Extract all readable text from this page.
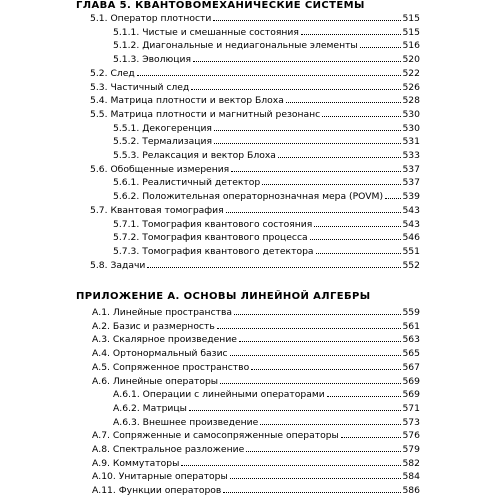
ГЛАВА 5. КВАНТОВОМЕХАНИЧЕСКИЕ СИСТЕМЫ
5.1. Оператор плотности	515
5.1.1. Чистые и смешанные состояния	515
5.1.2. Диагональные и недиагональные элементы	516
5.1.3. Эволюция	520
5.2. След	522
5.3. Частичный след	526
5.4. Матрица плотности и вектор Блоха	528
5.5. Матрица плотности и магнитный резонанс	530
5.5.1. Декогеренция	530
5.5.2. Термализация	531
5.5.3. Релаксация и вектор Блоха	533
5.6. Обобщенные измерения	537
5.6.1. Реалистичный детектор	537
5.6.2. Положительная операторнозначная мера (POVM) 539
5.7. Квантовая томография	543
5.7.1. Томография квантового состояния	543
5.7.2. Томография квантового процесса	546
5.7.3. Томография квантового детектора	551
5.8. Задачи	552
ПРИЛОЖЕНИЕ А. ОСНОВЫ ЛИНЕЙНОЙ АЛГЕБРЫ
А.1. Линейные пространства	559
А.2. Базис и размерность	561
А.3. Скалярное произведение	563
А.4. Ортонормальный базис	565
А.5. Сопряженное пространство	567
А.6. Линейные операторы	569
А.6.1. Операции с линейными операторами	569
А.6.2. Матрицы	571
А.6.3. Внешнее произведение	573
А.7. Сопряженные и самосопряженные операторы	576
А.8. Спектральное разложение	579
А.9. Коммутаторы	582
А.10. Унитарные операторы	584
А.11. Функции операторов	586
